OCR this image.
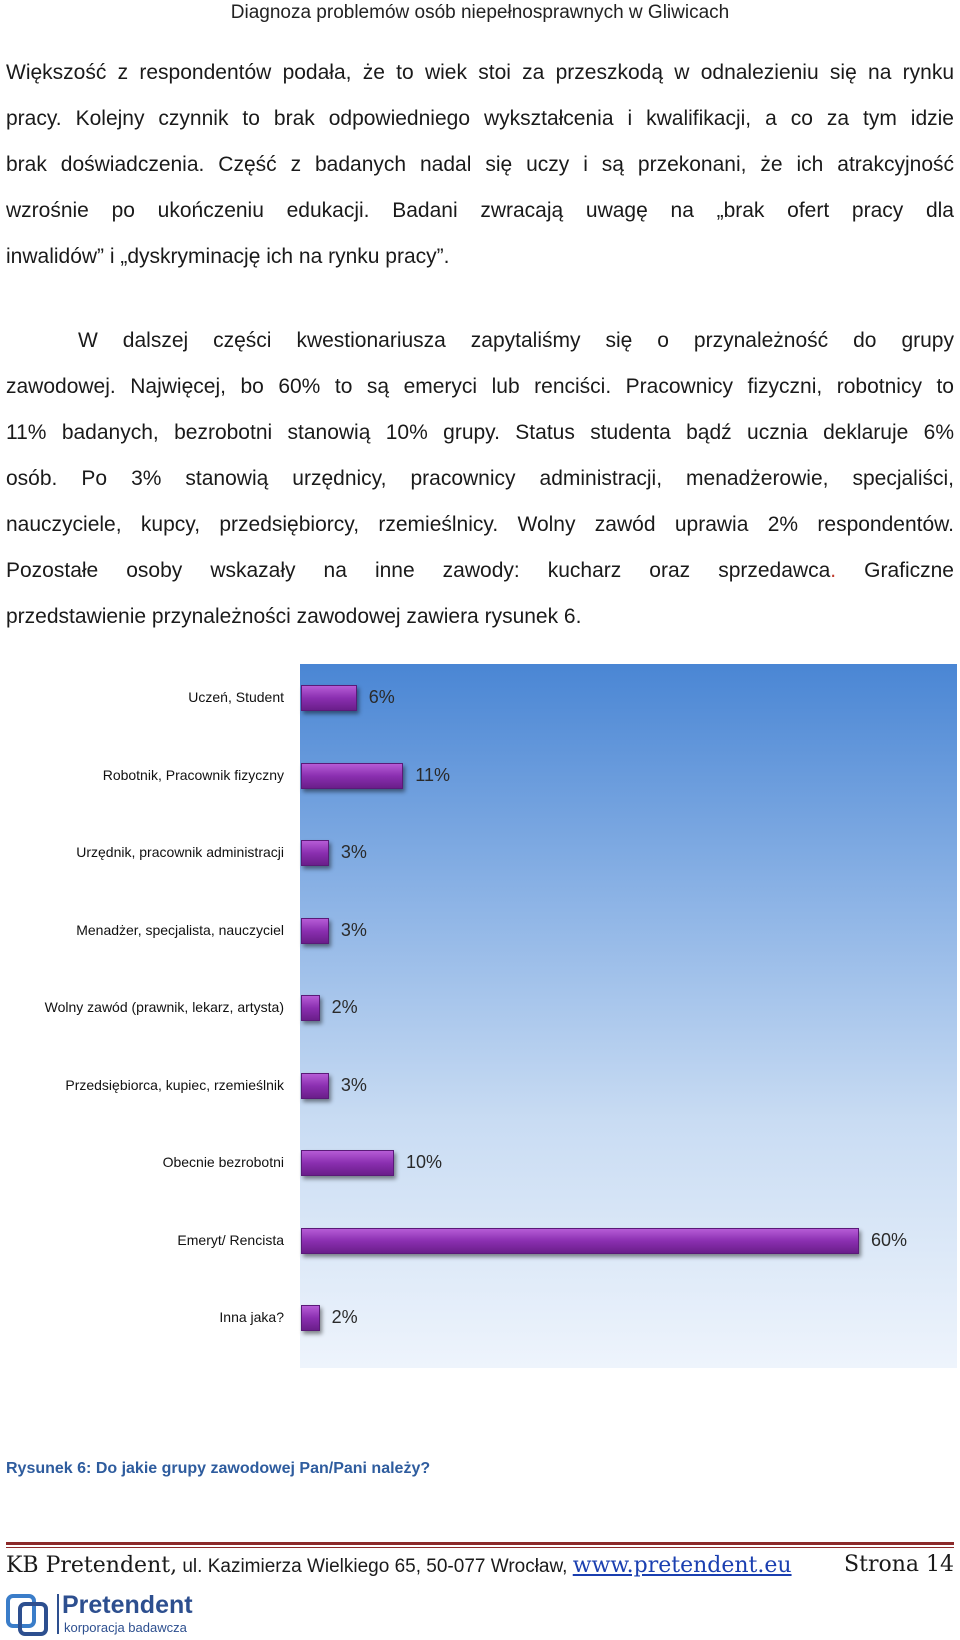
Diagnoza problemów osób niepełnosprawnych w Gliwicach
Większość z respondentów podała, że to wiek stoi za przeszkodą w odnalezieniu się na rynku
pracy. Kolejny czynnik to brak odpowiedniego wykształcenia i kwalifikacji, a co za tym idzie
brak doświadczenia. Część z badanych nadal się uczy i są przekonani, że ich atrakcyjność
wzrośnie po ukończeniu edukacji. Badani zwracają uwagę na „brak ofert pracy dla
inwalidów” i „dyskryminację ich na rynku pracy”.
W dalszej części kwestionariusza zapytaliśmy się o przynależność do grupy
zawodowej. Najwięcej, bo 60% to są emeryci lub renciści. Pracownicy fizyczni, robotnicy to
11% badanych, bezrobotni stanowią 10% grupy. Status studenta bądź ucznia deklaruje 6%
osób. Po 3% stanowią urzędnicy, pracownicy administracji, menadżerowie, specjaliści,
nauczyciele, kupcy, przedsiębiorcy, rzemieślnicy. Wolny zawód uprawia 2% respondentów.
Pozostałe osoby wskazały na inne zawody: kucharz oraz sprzedawca. Graficzne
przedstawienie przynależności zawodowej zawiera rysunek 6.
Uczeń, Student	6%
Robotnik, Pracownik fizyczny	11%
Urzędnik, pracownik administracji	3%
Menadżer, specjalista, nauczyciel	3%
Wolny zawód (prawnik, lekarz, artysta)	2%
Przedsiębiorca, kupiec, rzemieślnik	3%
Obecnie bezrobotni	10%
Emeryt/ Rencista	60%
Inna jaka?	2%
Rysunek 6: Do jakie grupy zawodowej Pan/Pani należy?
KB Pretendent, ul. Kazimierza Wielkiego 65, 50-077 Wrocław, www.pretendent.eu Strona 14
Pretendent
korporacja badawcza
